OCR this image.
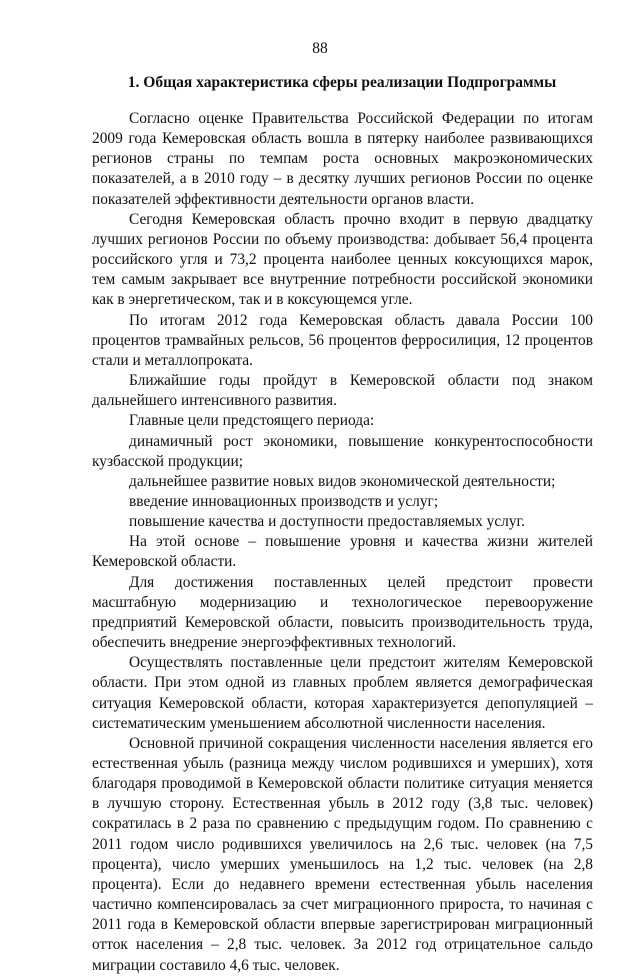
88
1. Общая характеристика сферы реализации Подпрограммы

Согласно оценке Правительства Российской Федерации по итогам 2009 года Кемеровская область вошла в пятерку наиболее развивающихся регионов страны по темпам роста основных макроэкономических показателей, а в 2010 году – в десятку лучших регионов России по оценке показателей эффективности деятельности органов власти.

Сегодня Кемеровская область прочно входит в первую двадцатку лучших регионов России по объему производства: добывает 56,4 процента российского угля и 73,2 процента наиболее ценных коксующихся марок, тем самым закрывает все внутренние потребности российской экономики как в энергетическом, так и в коксующемся угле.

По итогам 2012 года Кемеровская область давала России 100 процентов трамвайных рельсов, 56 процентов ферросилиция, 12 процентов стали и металлопроката.

Ближайшие годы пройдут в Кемеровской области под знаком дальнейшего интенсивного развития.

Главные цели предстоящего периода:

динамичный рост экономики, повышение конкурентоспособности кузбасской продукции;

дальнейшее развитие новых видов экономической деятельности;

введение инновационных производств и услуг;

повышение качества и доступности предоставляемых услуг.

На этой основе – повышение уровня и качества жизни жителей Кемеровской области.

Для достижения поставленных целей предстоит провести масштабную модернизацию и технологическое перевооружение предприятий Кемеровской области, повысить производительность труда, обеспечить внедрение энергоэффективных технологий.

Осуществлять поставленные цели предстоит жителям Кемеровской области. При этом одной из главных проблем является демографическая ситуация Кемеровской области, которая характеризуется депопуляцией – систематическим уменьшением абсолютной численности населения.

Основной причиной сокращения численности населения является его естественная убыль (разница между числом родившихся и умерших), хотя благодаря проводимой в Кемеровской области политике ситуация меняется в лучшую сторону. Естественная убыль в 2012 году (3,8 тыс. человек) сократилась в 2 раза по сравнению с предыдущим годом. По сравнению с 2011 годом число родившихся увеличилось на 2,6 тыс. человек (на 7,5 процента), число умерших уменьшилось на 1,2 тыс. человек (на 2,8 процента). Если до недавнего времени естественная убыль населения частично компенсировалась за счет миграционного прироста, то начиная с 2011 года в Кемеровской области впервые зарегистрирован миграционный отток населения – 2,8 тыс. человек. За 2012 год отрицательное сальдо миграции составило 4,6 тыс. человек.
